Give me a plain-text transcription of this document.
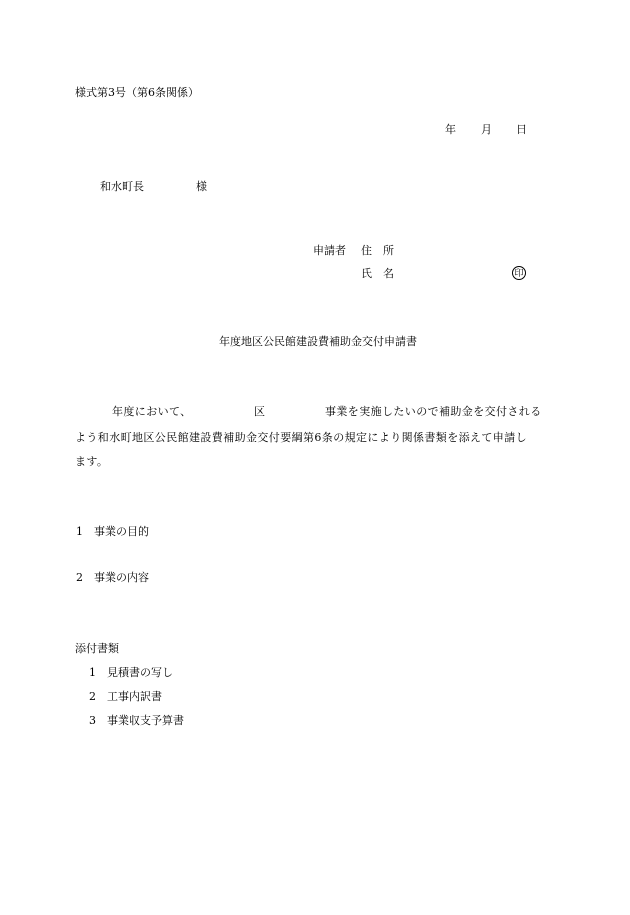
様式第3号（第6条関係）
年 月 日
和水町長	様
申請者 住　所
氏　名	印
年度地区公民館建設費補助金交付申請書
年度において、	区	事業を実施したいので補助金を交付される
よう和水町地区公民館建設費補助金交付要綱第6条の規定により関係書類を添えて申請し
ます。
1 事業の目的
2 事業の内容
添付書類
1 見積書の写し
2 工事内訳書
3 事業収支予算書
